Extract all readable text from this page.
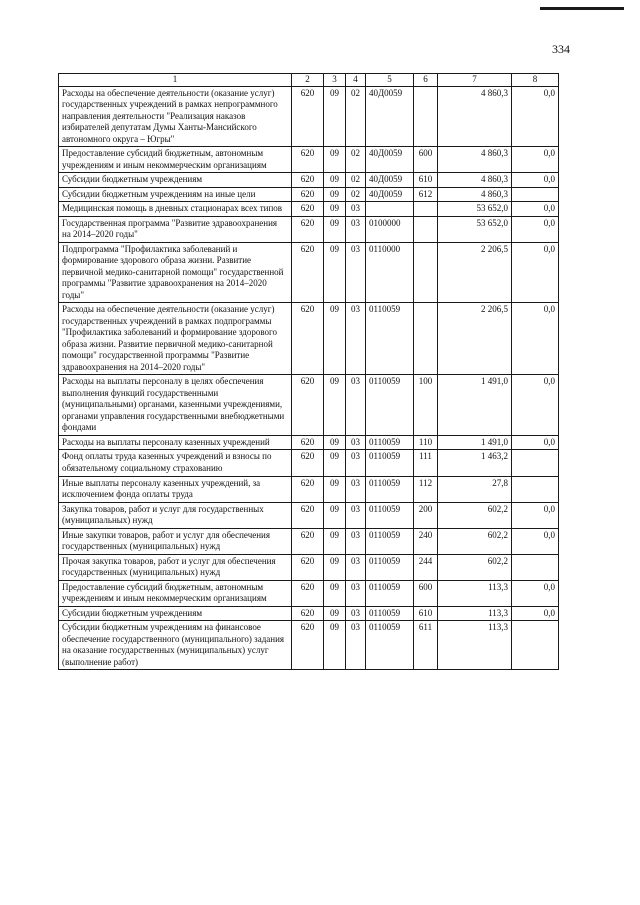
334
1	2	3	4	5	6	7	8
Расходы на обеспечение деятельности (оказание услуг) государственных учреждений в рамках непрограммного направления деятельности "Реализация наказов избирателей депутатам Думы Ханты-Мансийского автономного округа – Югры"	620	09	02	40Д0059		4 860,3	0,0
Предоставление субсидий бюджетным, автономным учреждениям и иным некоммерческим организациям	620	09	02	40Д0059	600	4 860,3	0,0
Субсидии бюджетным учреждениям	620	09	02	40Д0059	610	4 860,3	0,0
Субсидии бюджетным учреждениям на иные цели	620	09	02	40Д0059	612	4 860,3	
Медицинская помощь в дневных стационарах всех типов	620	09	03			53 652,0	0,0
Государственная программа "Развитие здравоохранения на 2014–2020 годы"	620	09	03	0100000		53 652,0	0,0
Подпрограмма "Профилактика заболеваний и формирование здорового образа жизни. Развитие первичной медико-санитарной помощи" государственной программы "Развитие здравоохранения на 2014–2020 годы"	620	09	03	0110000		2 206,5	0,0
Расходы на обеспечение деятельности (оказание услуг) государственных учреждений в рамках подпрограммы "Профилактика заболеваний и формирование здорового образа жизни. Развитие первичной медико-санитарной помощи" государственной программы "Развитие здравоохранения на 2014–2020 годы"	620	09	03	0110059		2 206,5	0,0
Расходы на выплаты персоналу в целях обеспечения выполнения функций государственными (муниципальными) органами, казенными учреждениями, органами управления государственными внебюджетными фондами	620	09	03	0110059	100	1 491,0	0,0
Расходы на выплаты персоналу казенных учреждений	620	09	03	0110059	110	1 491,0	0,0
Фонд оплаты труда казенных учреждений и взносы по обязательному социальному страхованию	620	09	03	0110059	111	1 463,2	
Иные выплаты персоналу казенных учреждений, за исключением фонда оплаты труда	620	09	03	0110059	112	27,8	
Закупка товаров, работ и услуг для государственных (муниципальных) нужд	620	09	03	0110059	200	602,2	0,0
Иные закупки товаров, работ и услуг для обеспечения государственных (муниципальных) нужд	620	09	03	0110059	240	602,2	0,0
Прочая закупка товаров, работ и услуг для обеспечения государственных (муниципальных) нужд	620	09	03	0110059	244	602,2	
Предоставление субсидий бюджетным, автономным учреждениям и иным некоммерческим организациям	620	09	03	0110059	600	113,3	0,0
Субсидии бюджетным учреждениям	620	09	03	0110059	610	113,3	0,0
Субсидии бюджетным учреждениям на финансовое обеспечение государственного (муниципального) задания на оказание государственных (муниципальных) услуг (выполнение работ)	620	09	03	0110059	611	113,3	
